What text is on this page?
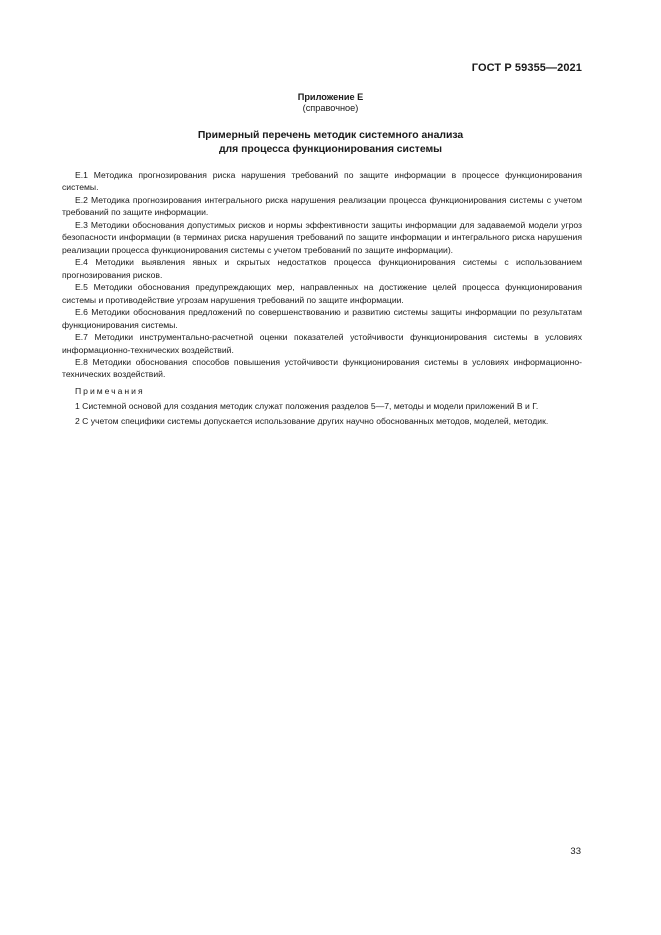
ГОСТ Р 59355—2021
Приложение Е
(справочное)
Примерный перечень методик системного анализа
для процесса функционирования системы

Е.1 Методика прогнозирования риска нарушения требований по защите информации в процессе функционирования системы.

Е.2 Методика прогнозирования интегрального риска нарушения реализации процесса функционирования системы с учетом требований по защите информации.

Е.3 Методики обоснования допустимых рисков и нормы эффективности защиты информации для задаваемой модели угроз безопасности информации (в терминах риска нарушения требований по защите информации и интегрального риска нарушения реализации процесса функционирования системы с учетом требований по защите информации).

Е.4 Методики выявления явных и скрытых недостатков процесса функционирования системы с использованием прогнозирования рисков.

Е.5 Методики обоснования предупреждающих мер, направленных на достижение целей процесса функционирования системы и противодействие угрозам нарушения требований по защите информации.

Е.6 Методики обоснования предложений по совершенствованию и развитию системы защиты информации по результатам функционирования системы.

Е.7 Методики инструментально-расчетной оценки показателей устойчивости функционирования системы в условиях информационно-технических воздействий.

Е.8 Методики обоснования способов повышения устойчивости функционирования системы в условиях информационно-технических воздействий.

Примечания

1 Системной основой для создания методик служат положения разделов 5—7, методы и модели приложений В и Г.

2 С учетом специфики системы допускается использование других научно обоснованных методов, моделей, методик.

33
